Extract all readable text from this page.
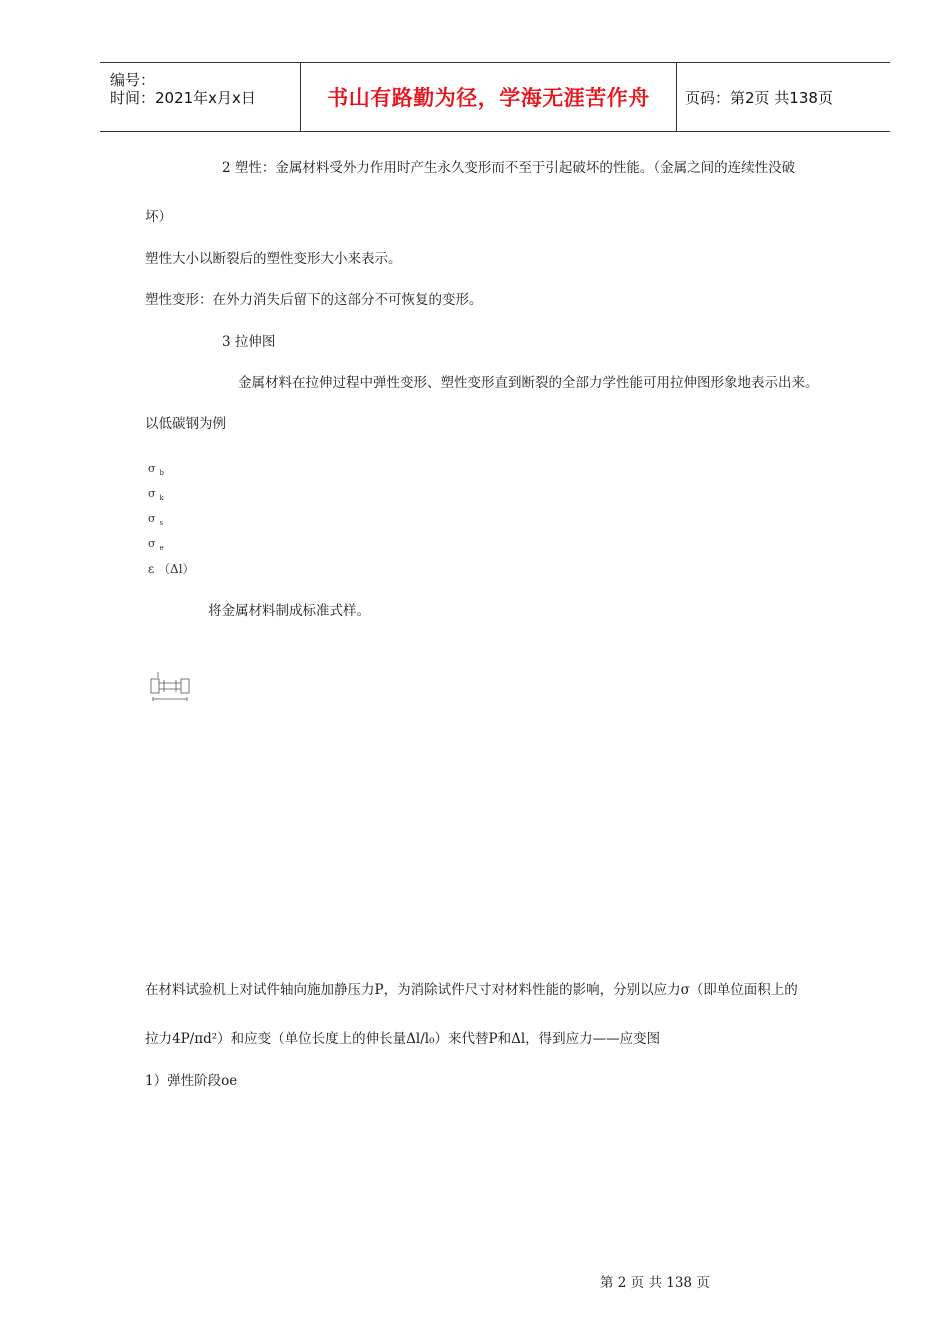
编号：
时间：2021年x月x日	书山有路勤为径，学海无涯苦作舟 页码：第2页 共138页
2 塑性：金属材料受外力作用时产生永久变形而不至于引起破坏的性能。（金属之间的连续性没破
坏）
塑性大小以断裂后的塑性变形大小来表示。
塑性变形：在外力消失后留下的这部分不可恢复的变形。
3 拉伸图
金属材料在拉伸过程中弹性变形、塑性变形直到断裂的全部力学性能可用拉伸图形象地表示出来。
以低碳钢为例
σ $_b$
σ $_k$
σ $_s$
σ $_e$
ε （Δl）
将金属材料制成标准式样。
在材料试验机上对试件轴向施加静压力P，为消除试件尺寸对材料性能的影响，分别以应力σ（即单位面积上的
拉力4P/πd²）和应变（单位长度上的伸长量Δl/l₀）来代替P和Δl，得到应力——应变图
1）弹性阶段oe
第 2 页 共 138 页
